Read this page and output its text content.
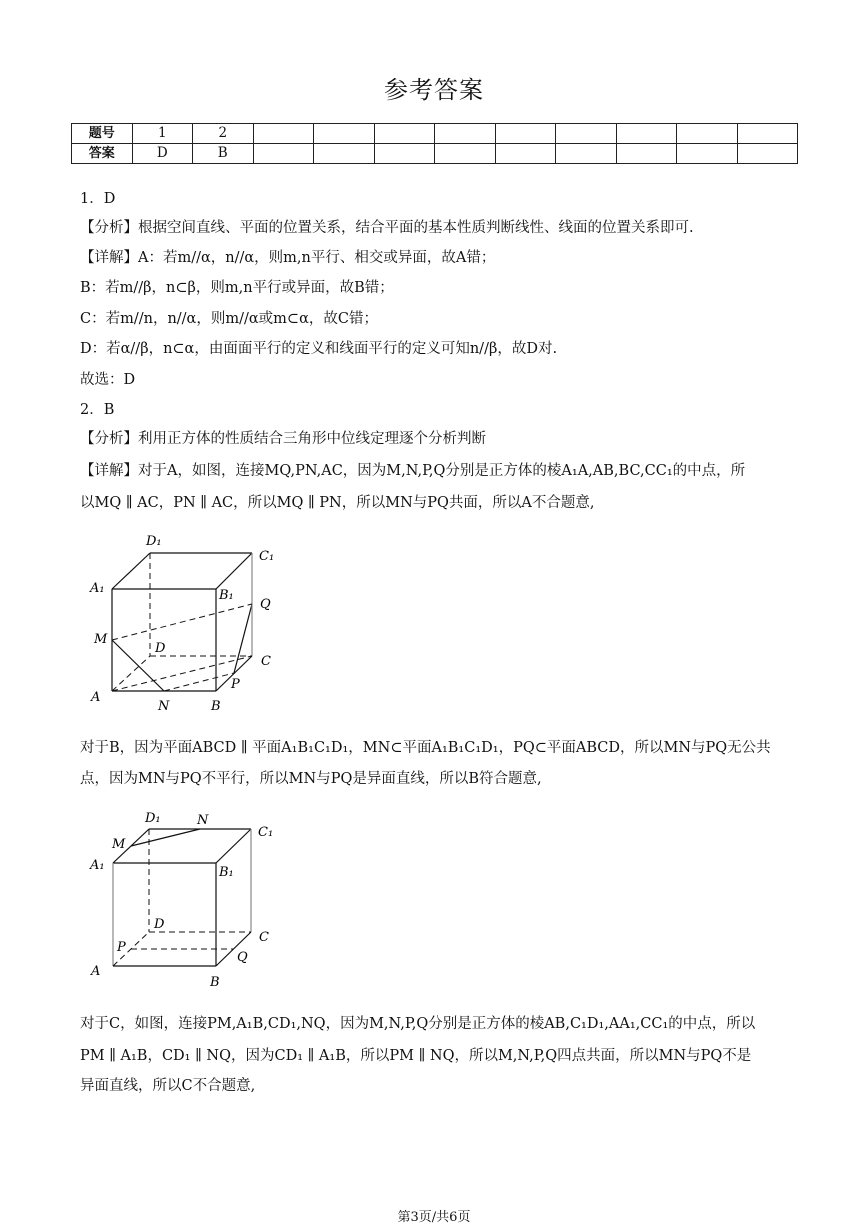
参考答案
题号	1	2									
答案	D	B									
1．D
【分析】根据空间直线、平面的位置关系，结合平面的基本性质判断线性、线面的位置关系即可.
【详解】A：若m//α，n//α，则m,n平行、相交或异面，故A错；
B：若m//β，n⊂β，则m,n平行或异面，故B错；
C：若m//n，n//α，则m//α或m⊂α，故C错；
D：若α//β，n⊂α，由面面平行的定义和线面平行的定义可知n//β，故D对.
故选：D
2．B
【分析】利用正方体的性质结合三角形中位线定理逐个分析判断
【详解】对于A，如图，连接MQ,PN,AC，因为M,N,P,Q分别是正方体的棱A₁A,AB,BC,CC₁的中点，所
以MQ ∥ AC，PN ∥ AC，所以MQ ∥ PN，所以MN与PQ共面，所以A不合题意,
D₁
C₁
A₁	B₁
Q
M
D
C
P
A
N	B
对于B，因为平面ABCD ∥ 平面A₁B₁C₁D₁，MN⊂平面A₁B₁C₁D₁，PQ⊂平面ABCD，所以MN与PQ无公共
点，因为MN与PQ不平行，所以MN与PQ是异面直线，所以B符合题意,
D₁	N
C₁
M
A₁	B₁
D
C
P
Q
A
B
对于C，如图，连接PM,A₁B,CD₁,NQ，因为M,N,P,Q分别是正方体的棱AB,C₁D₁,AA₁,CC₁的中点，所以
PM ∥ A₁B，CD₁ ∥ NQ，因为CD₁ ∥ A₁B，所以PM ∥ NQ，所以M,N,P,Q四点共面，所以MN与PQ不是
异面直线，所以C不合题意,
第3页/共6页
